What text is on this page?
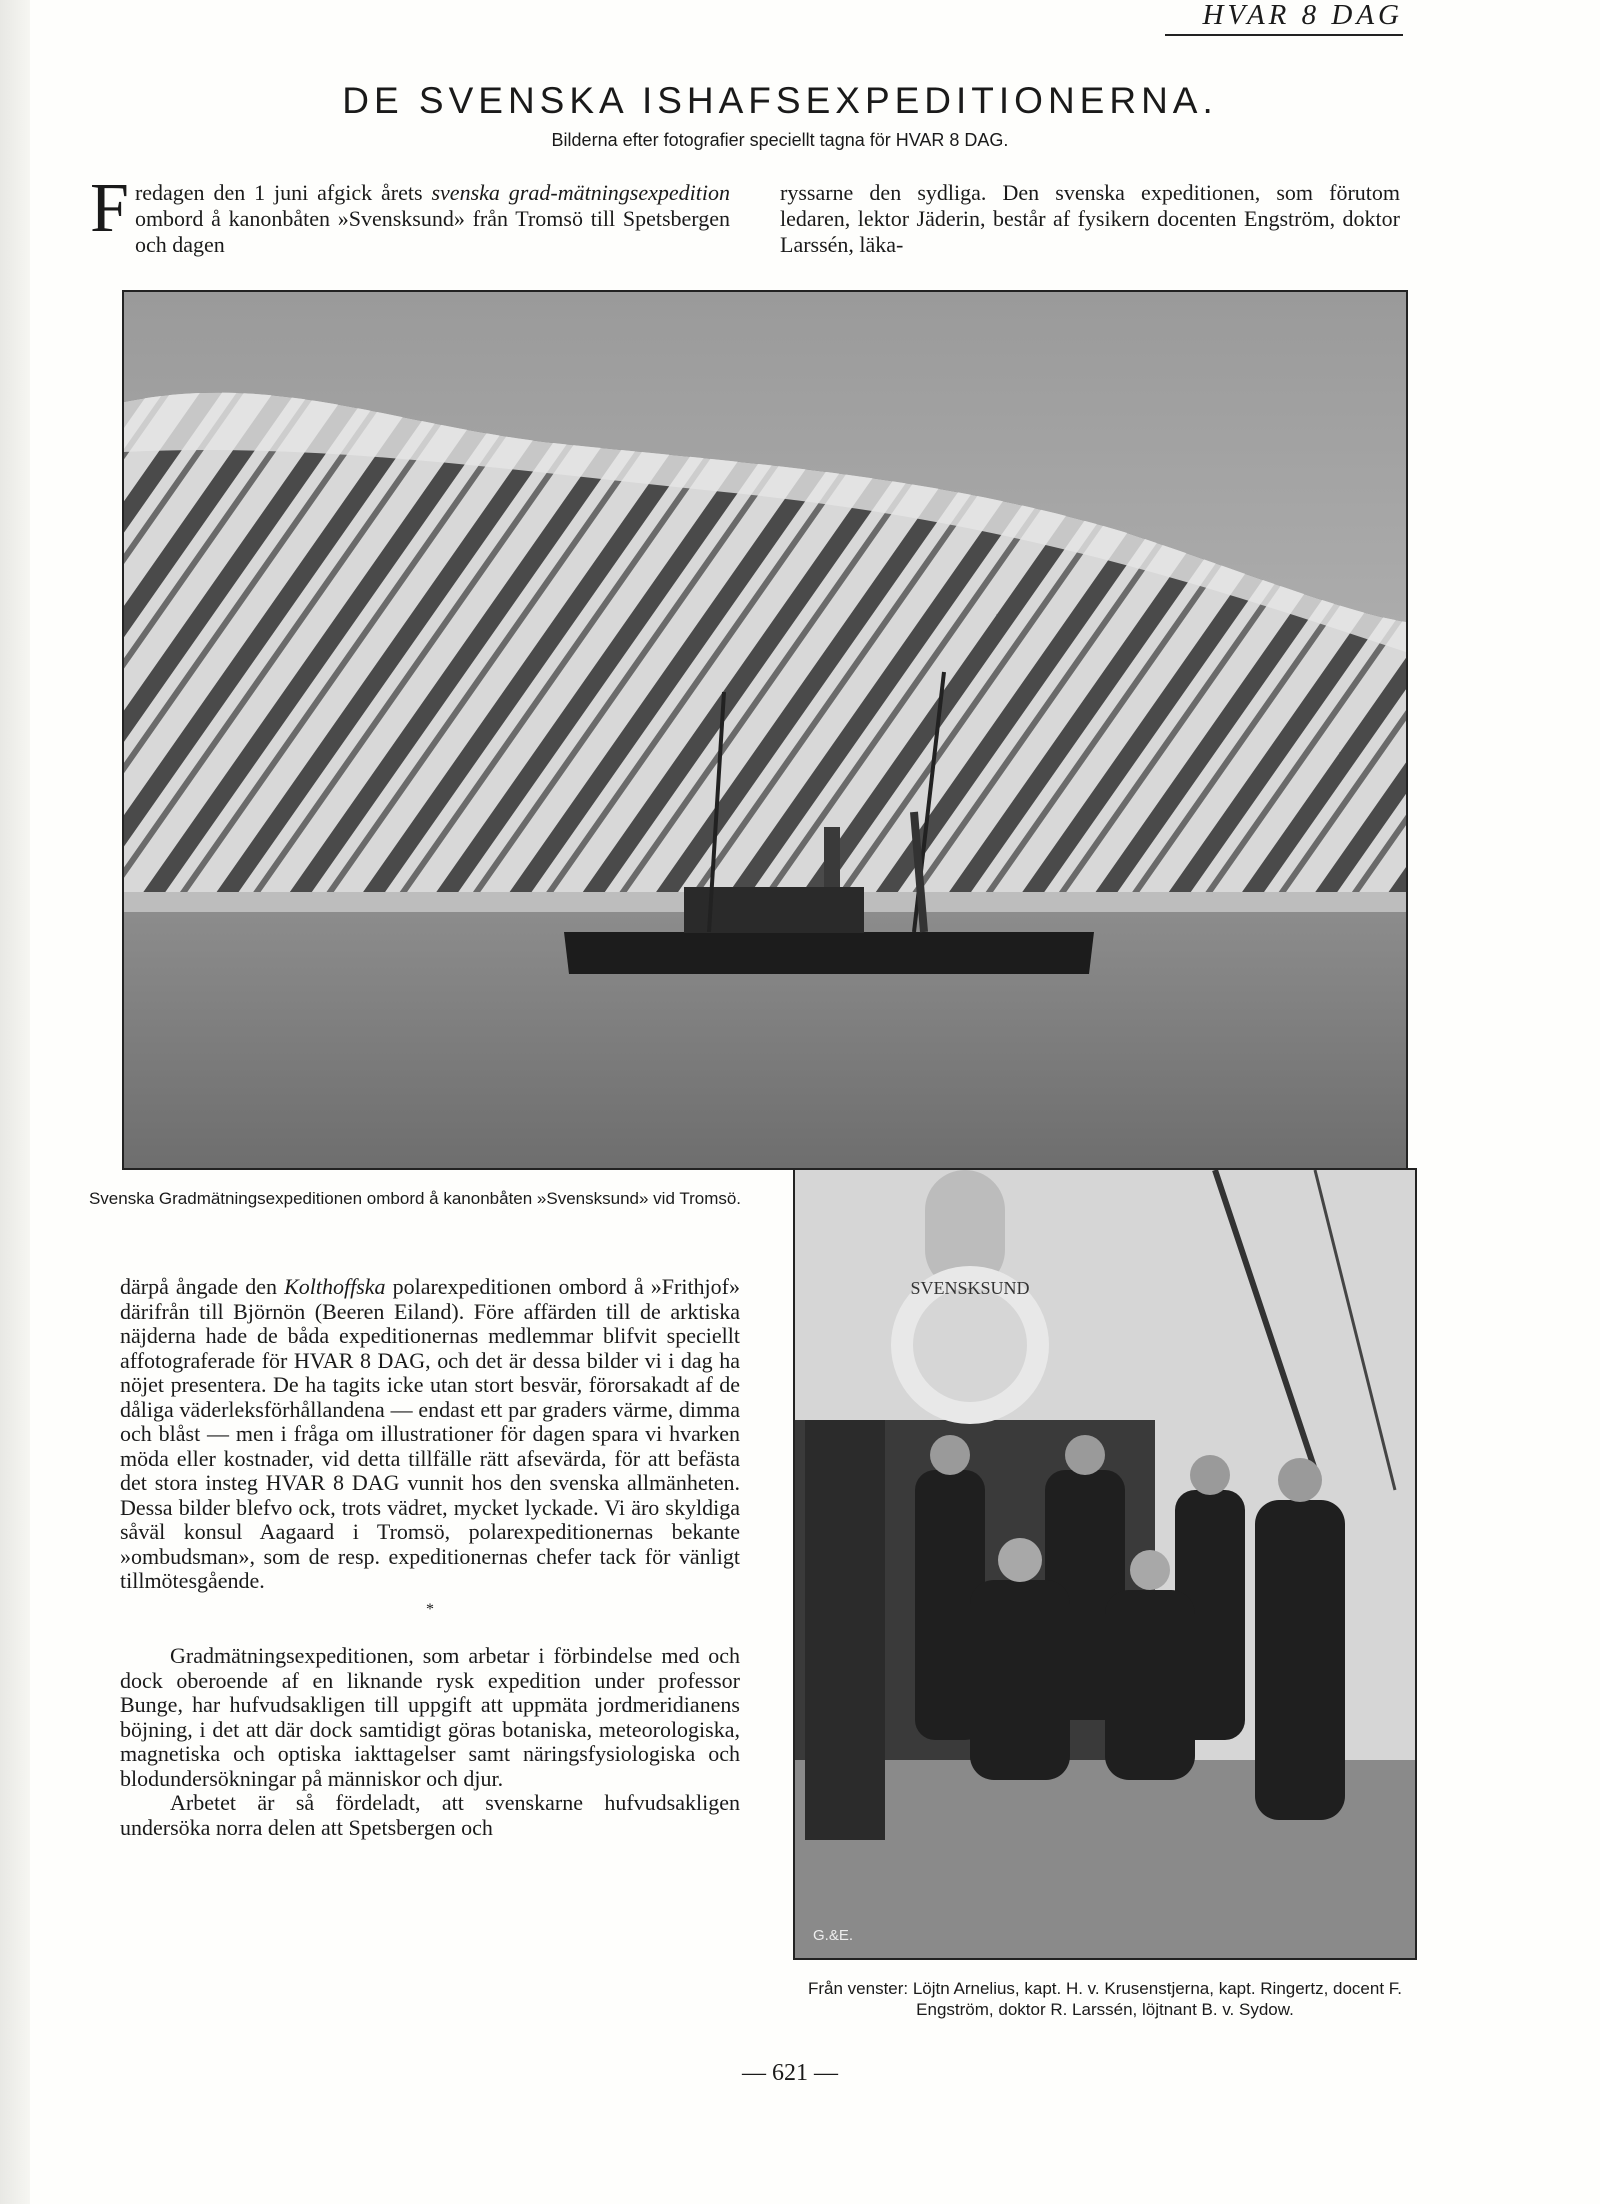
HVAR 8 DAG
DE SVENSKA ISHAFSEXPEDITIONERNA.
Bilderna efter fotografier speciellt tagna för HVAR 8 DAG.

Fredagen den 1 juni afgick årets svenska grad-mätningsexpedition ombord å kanonbåten »Svensksund» från Tromsö till Spetsbergen och dagen

ryssarne den sydliga. Den svenska expeditionen, som förutom ledaren, lektor Jäderin, består af fysikern docenten Engström, doktor Larssén, läka-

Svenska Gradmätningsexpeditionen ombord å kanonbåten »Svensksund» vid Tromsö.
SVENSKSUND
G.&E.
Från venster: Löjtn Arnelius, kapt. H. v. Krusenstjerna, kapt. Ringertz, docent F. Engström, doktor R. Larssén, löjtnant B. v. Sydow.

därpå ångade den Kolthoffska polarexpeditionen ombord å »Frithjof» därifrån till Björnön (Beeren Eiland). Före affärden till de arktiska näjderna hade de båda expeditionernas medlemmar blifvit speciellt affotograferade för HVAR 8 DAG, och det är dessa bilder vi i dag ha nöjet presentera. De ha tagits icke utan stort besvär, förorsakadt af de dåliga väderleksförhållandena — endast ett par graders värme, dimma och blåst — men i fråga om illustrationer för dagen spara vi hvarken möda eller kostnader, vid detta tillfälle rätt afsevärda, för att befästa det stora insteg HVAR 8 DAG vunnit hos den svenska allmänheten. Dessa bilder blefvo ock, trots vädret, mycket lyckade. Vi äro skyldiga såväl konsul Aagaard i Tromsö, polarexpeditionernas bekante »ombudsman», som de resp. expeditionernas chefer tack för vänligt tillmötesgående.

*

Gradmätningsexpeditionen, som arbetar i förbindelse med och dock oberoende af en liknande rysk expedition under professor Bunge, har hufvudsakligen till uppgift att uppmäta jordmeridianens böjning, i det att där dock samtidigt göras botaniska, meteorologiska, magnetiska och optiska iakttagelser samt näringsfysiologiska och blodundersökningar på människor och djur.

Arbetet är så fördeladt, att svenskarne hufvudsakligen undersöka norra delen att Spetsbergen och

— 621 —
